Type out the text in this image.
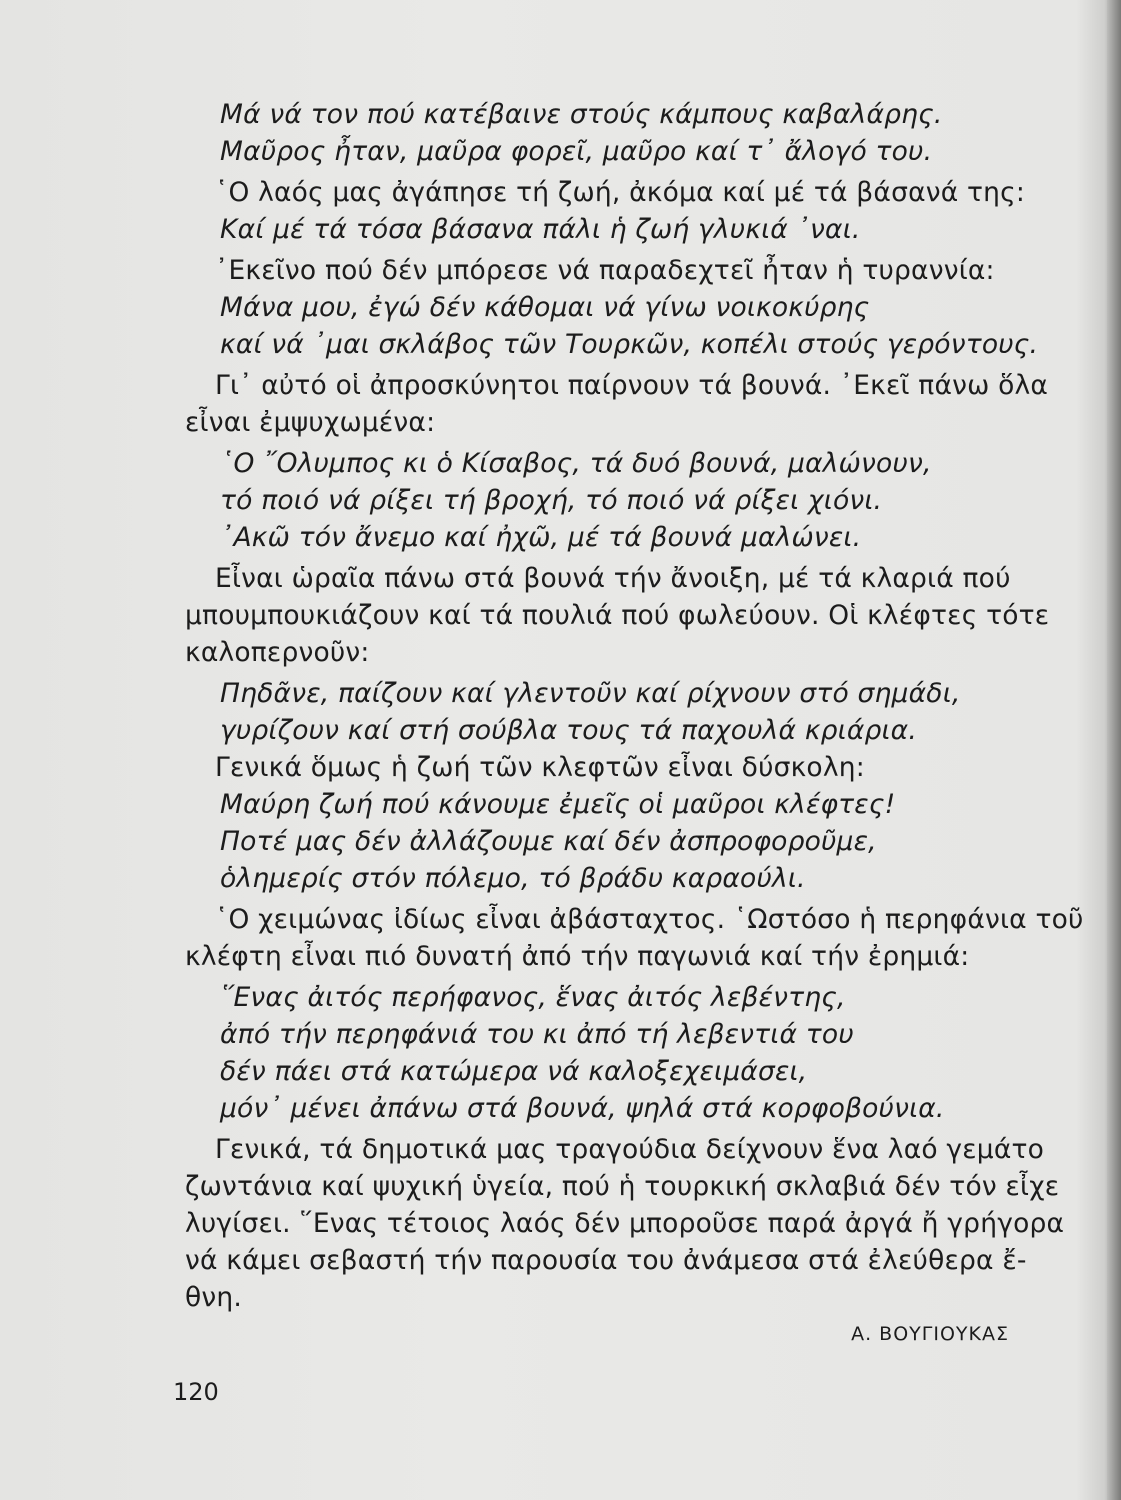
Μά νά τον πού κατέβαινε στούς κάμπους καβαλάρης.
Μαῦρος ἦταν, μαῦρα φορεῖ, μαῦρο καί τ᾽ ἄλογό του.
῾Ο λαός μας ἀγάπησε τή ζωή, ἀκόμα καί μέ τά βάσανά της:
Καί μέ τά τόσα βάσανα πάλι ἡ ζωή γλυκιά ᾽ναι.
᾽Εκεῖνο πού δέν μπόρεσε νά παραδεχτεῖ ἦταν ἡ τυραννία:
Μάνα μου, ἐγώ δέν κάθομαι νά γίνω νοικοκύρης
καί νά ᾽μαι σκλάβος τῶν Τουρκῶν, κοπέλι στούς γερόντους.
Γι᾽ αὐτό οἱ ἀπροσκύνητοι παίρνουν τά βουνά. ᾽Εκεῖ πάνω ὅλα
εἶναι ἐμψυχωμένα:
῾Ο ῎Ολυμπος κι ὁ Κίσαβος, τά δυό βουνά, μαλώνουν,
τό ποιό νά ρίξει τή βροχή, τό ποιό νά ρίξει χιόνι.
᾽Ακῶ τόν ἄνεμο καί ἠχῶ, μέ τά βουνά μαλώνει.
Εἶναι ὡραῖα πάνω στά βουνά τήν ἄνοιξη, μέ τά κλαριά πού
μπουμπουκιάζουν καί τά πουλιά πού φωλεύουν. Οἱ κλέφτες τότε
καλοπερνοῦν:
Πηδᾶνε, παίζουν καί γλεντοῦν καί ρίχνουν στό σημάδι,
γυρίζουν καί στή σούβλα τους τά παχουλά κριάρια.
Γενικά ὅμως ἡ ζωή τῶν κλεφτῶν εἶναι δύσκολη:
Μαύρη ζωή πού κάνουμε ἐμεῖς οἱ μαῦροι κλέφτες!
Ποτέ μας δέν ἀλλάζουμε καί δέν ἀσπροφοροῦμε,
ὁλημερίς στόν πόλεμο, τό βράδυ καραούλι.
῾Ο χειμώνας ἰδίως εἶναι ἀβάσταχτος. ῾Ωστόσο ἡ περηφάνια τοῦ
κλέφτη εἶναι πιό δυνατή ἀπό τήν παγωνιά καί τήν ἐρημιά:
῞Ενας ἀιτός περήφανος, ἕνας ἀιτός λεβέντης,
ἀπό τήν περηφάνιά του κι ἀπό τή λεβεντιά του
δέν πάει στά κατώμερα νά καλοξεχειμάσει,
μόν᾽ μένει ἀπάνω στά βουνά, ψηλά στά κορφοβούνια.
Γενικά, τά δημοτικά μας τραγούδια δείχνουν ἕνα λαό γεμάτο
ζωντάνια καί ψυχική ὑγεία, πού ἡ τουρκική σκλαβιά δέν τόν εἶχε
λυγίσει. ῞Ενας τέτοιος λαός δέν μποροῦσε παρά ἀργά ἤ γρήγορα
νά κάμει σεβαστή τήν παρουσία του ἀνάμεσα στά ἐλεύθερα ἔ-
θνη.
Α. ΒΟΥΓΙΟΥΚΑΣ
120
